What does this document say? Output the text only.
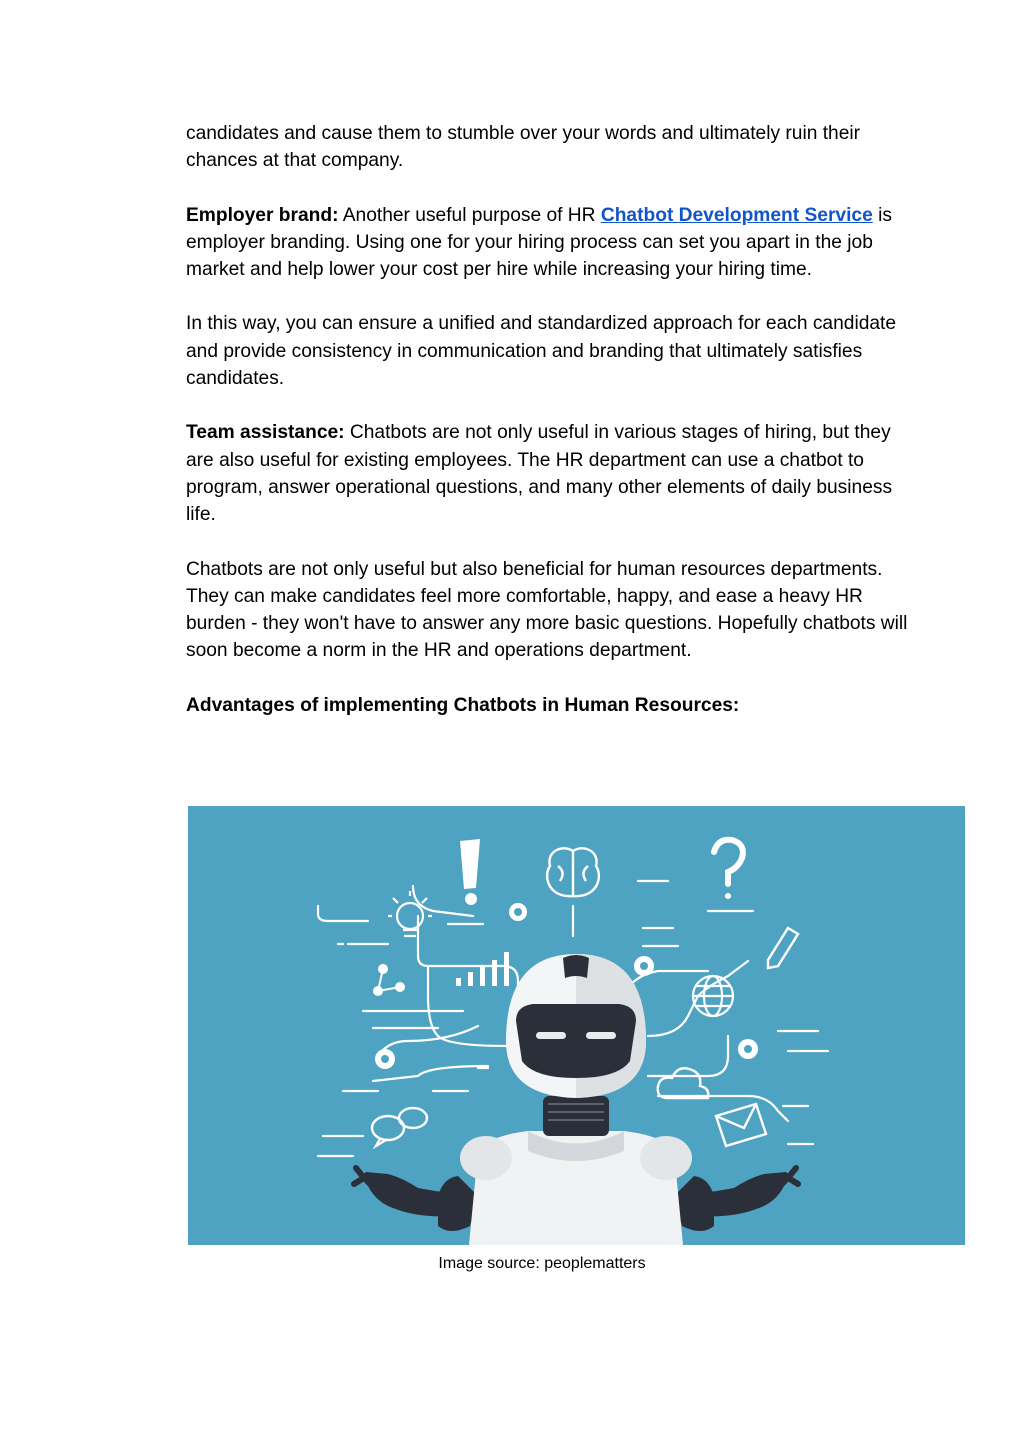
candidates and cause them to stumble over your words and ultimately ruin their chances at that company.

Employer brand: Another useful purpose of HR Chatbot Development Service is employer branding. Using one for your hiring process can set you apart in the job market and help lower your cost per hire while increasing your hiring time.

In this way, you can ensure a unified and standardized approach for each candidate and provide consistency in communication and branding that ultimately satisfies candidates.

Team assistance: Chatbots are not only useful in various stages of hiring, but they are also useful for existing employees. The HR department can use a chatbot to program, answer operational questions, and many other elements of daily business life.

Chatbots are not only useful but also beneficial for human resources departments. They can make candidates feel more comfortable, happy, and ease a heavy HR burden - they won't have to answer any more basic questions. Hopefully chatbots will soon become a norm in the HR and operations department.

Advantages of implementing Chatbots in Human Resources:
Image source: peoplematters
